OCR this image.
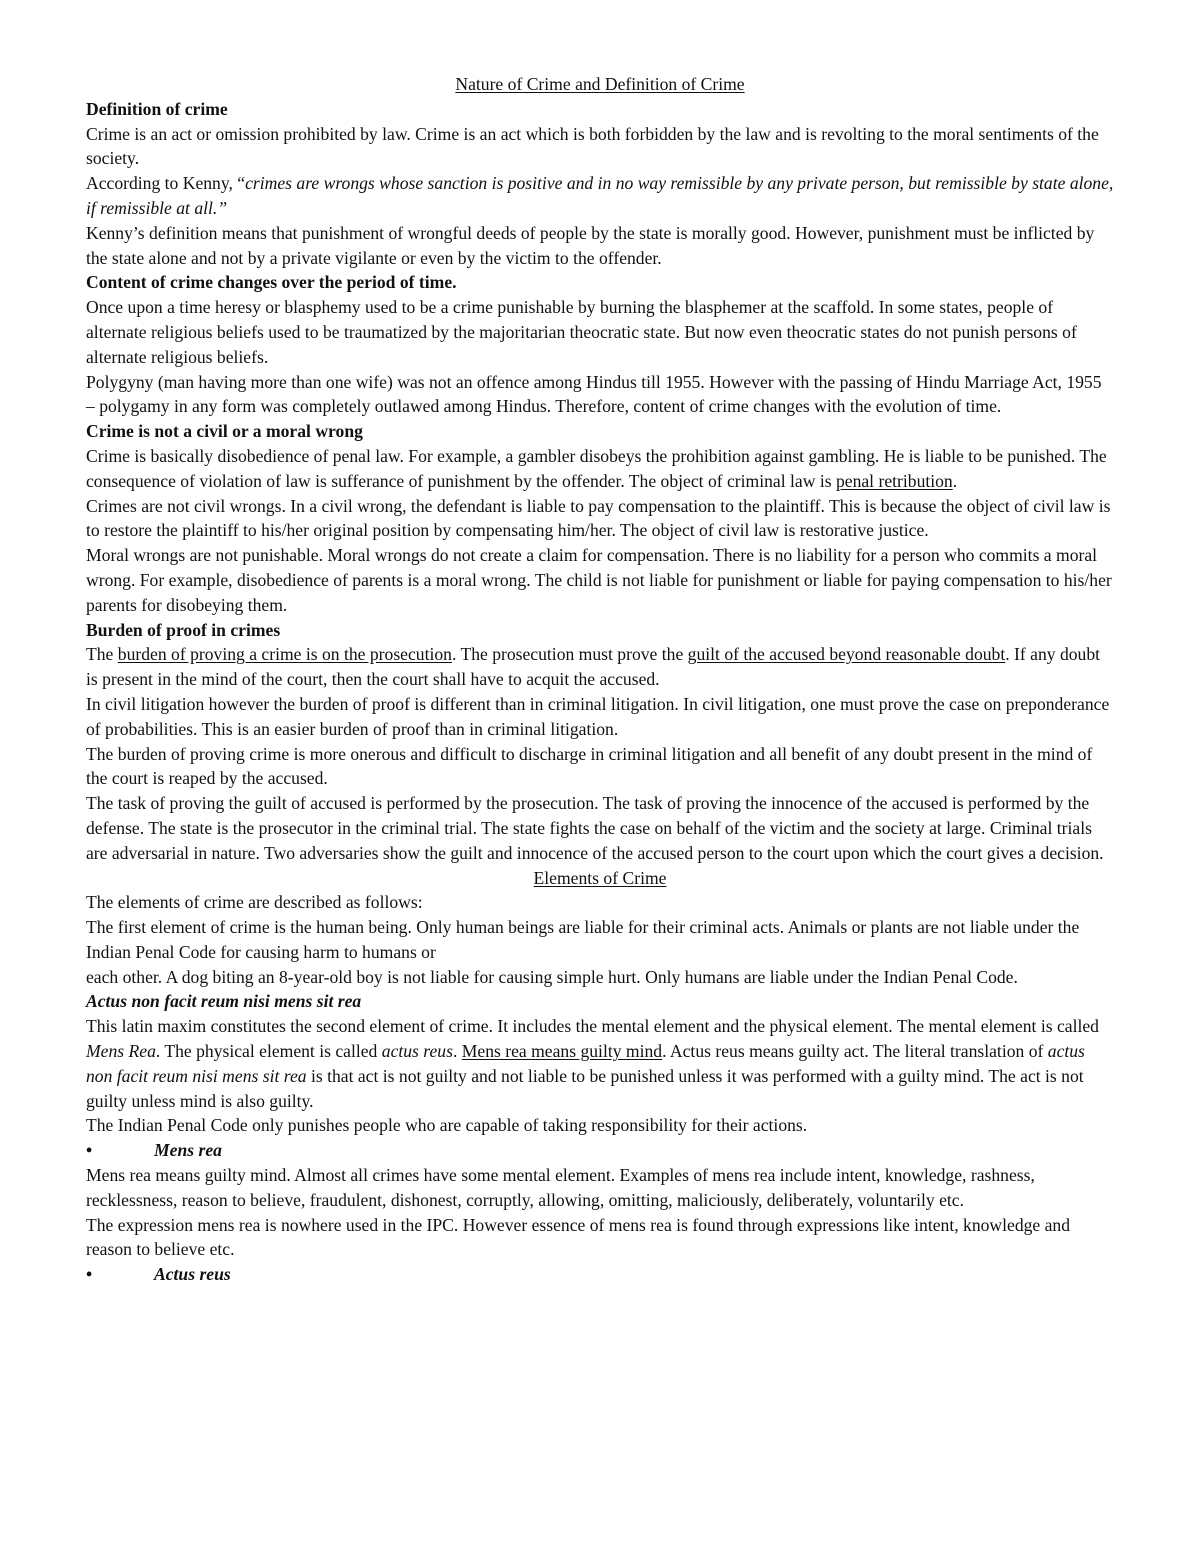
Nature of Crime and Definition of Crime

Definition of crime

Crime is an act or omission prohibited by law. Crime is an act which is both forbidden by the law and is revolting to the moral sentiments of the society.

According to Kenny, “crimes are wrongs whose sanction is positive and in no way remissible by any private person, but remissible by state alone, if remissible at all.”

Kenny’s definition means that punishment of wrongful deeds of people by the state is morally good. However, punishment must be inflicted by the state alone and not by a private vigilante or even by the victim to the offender.

Content of crime changes over the period of time.

Once upon a time heresy or blasphemy used to be a crime punishable by burning the blasphemer at the scaffold. In some states, people of alternate religious beliefs used to be traumatized by the majoritarian theocratic state. But now even theocratic states do not punish persons of alternate religious beliefs.

Polygyny (man having more than one wife) was not an offence among Hindus till 1955. However with the passing of Hindu Marriage Act, 1955 – polygamy in any form was completely outlawed among Hindus. Therefore, content of crime changes with the evolution of time.

Crime is not a civil or a moral wrong

Crime is basically disobedience of penal law. For example, a gambler disobeys the prohibition against gambling. He is liable to be punished. The consequence of violation of law is sufferance of punishment by the offender. The object of criminal law is penal retribution.

Crimes are not civil wrongs. In a civil wrong, the defendant is liable to pay compensation to the plaintiff. This is because the object of civil law is to restore the plaintiff to his/her original position by compensating him/her. The object of civil law is restorative justice.

Moral wrongs are not punishable. Moral wrongs do not create a claim for compensation. There is no liability for a person who commits a moral wrong. For example, disobedience of parents is a moral wrong. The child is not liable for punishment or liable for paying compensation to his/her parents for disobeying them.

Burden of proof in crimes

The burden of proving a crime is on the prosecution. The prosecution must prove the guilt of the accused beyond reasonable doubt. If any doubt is present in the mind of the court, then the court shall have to acquit the accused.

In civil litigation however the burden of proof is different than in criminal litigation. In civil litigation, one must prove the case on preponderance of probabilities. This is an easier burden of proof than in criminal litigation.

The burden of proving crime is more onerous and difficult to discharge in criminal litigation and all benefit of any doubt present in the mind of the court is reaped by the accused.

The task of proving the guilt of accused is performed by the prosecution. The task of proving the innocence of the accused is performed by the defense. The state is the prosecutor in the criminal trial. The state fights the case on behalf of the victim and the society at large. Criminal trials are adversarial in nature. Two adversaries show the guilt and innocence of the accused person to the court upon which the court gives a decision.

Elements of Crime

The elements of crime are described as follows:

The first element of crime is the human being. Only human beings are liable for their criminal acts. Animals or plants are not liable under the Indian Penal Code for causing harm to humans or

each other. A dog biting an 8-year-old boy is not liable for causing simple hurt. Only humans are liable under the Indian Penal Code.

Actus non facit reum nisi mens sit rea

This latin maxim constitutes the second element of crime. It includes the mental element and the physical element. The mental element is called Mens Rea. The physical element is called actus reus. Mens rea means guilty mind. Actus reus means guilty act. The literal translation of actus non facit reum nisi mens sit rea is that act is not guilty and not liable to be punished unless it was performed with a guilty mind. The act is not guilty unless mind is also guilty.

The Indian Penal Code only punishes people who are capable of taking responsibility for their actions.

•	Mens rea

Mens rea means guilty mind. Almost all crimes have some mental element. Examples of mens rea include intent, knowledge, rashness, recklessness, reason to believe, fraudulent, dishonest, corruptly, allowing, omitting, maliciously, deliberately, voluntarily etc.

The expression mens rea is nowhere used in the IPC. However essence of mens rea is found through expressions like intent, knowledge and reason to believe etc.

•	Actus reus
